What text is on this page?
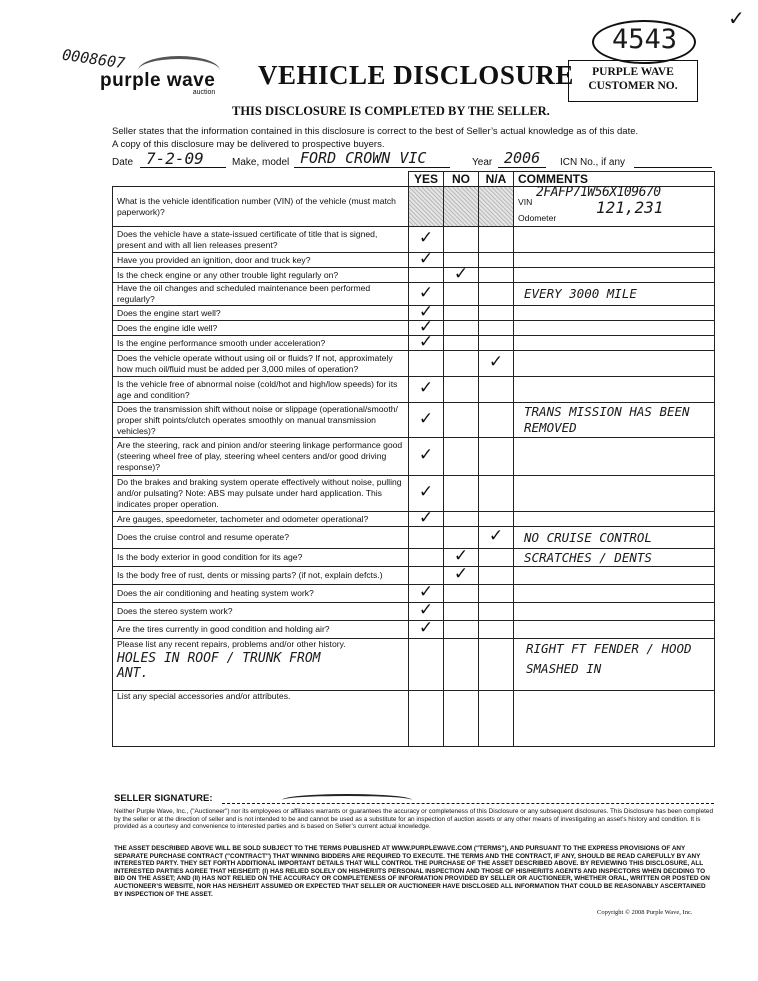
0008607
4543
✓
purple wave
auction
VEHICLE DISCLOSURE	PURPLE WAVE CUSTOMER NO.
THIS DISCLOSURE IS COMPLETED BY THE SELLER.
Seller states that the information contained in this disclosure is correct to the best of Seller’s actual knowledge as of this date.
A copy of this disclosure may be delivered to prospective buyers.
Date 7-2-09	Make, model FORD CROWN VIC	Year 2006 ICN No., if any
	YES	NO	N/A	COMMENTS
What is the vehicle identification number (VIN) of the vehicle (must match paperwork)?				VIN
2FAFP71W56X109670
Odometer
121,231

Does the vehicle have a state-issued certificate of title that is signed, present and with all lien releases present?	✓			
Have you provided an ignition, door and truck key?	✓			
Is the check engine or any other trouble light regularly on?		✓		
Have the oil changes and scheduled maintenance been performed regularly?	✓			EVERY 3000 MILE
Does the engine start well?	✓			
Does the engine idle well?	✓			
Is the engine performance smooth under acceleration?	✓			
Does the vehicle operate without using oil or fluids? If not, approximately how much oil/fluid must be added per 3,000 miles of operation?			✓	
Is the vehicle free of abnormal noise (cold/hot and high/low speeds) for its age and condition?	✓			
Does the transmission shift without noise or slippage (operational/smooth/ proper shift points/clutch operates smoothly on manual transmission vehicles)?	✓			TRANS MISSION HAS BEEN REMOVED
Are the steering, rack and pinion and/or steering linkage performance good (steering wheel free of play, steering wheel centers and/or good driving response)?	✓			
Do the brakes and braking system operate effectively without noise, pulling and/or pulsating? Note: ABS may pulsate under hard application. This indicates proper operation.	✓			
Are gauges, speedometer, tachometer and odometer operational?	✓			
Does the cruise control and resume operate?			✓	NO CRUISE CONTROL
Is the body exterior in good condition for its age?		✓		SCRATCHES / DENTS
Is the body free of rust, dents or missing parts? (if not, explain defcts.)		✓		
Does the air conditioning and heating system work?	✓			
Does the stereo system work?	✓			
Are the tires currently in good condition and holding air?	✓			

Please list any recent repairs, problems and/or other history.
HOLES IN ROOF / TRUNK FROM ANT.				RIGHT FT FENDER / HOOD SMASHED IN
List any special accessories and/or attributes.				
SELLER SIGNATURE:
Neither Purple Wave, Inc., ("Auctioneer") nor its employees or affiliates warrants or guarantees the accuracy or completeness of this Disclosure or any subsequent disclosures. This Disclosure has been completed by the seller or at the direction of seller and is not intended to be and cannot be used as a substitute for an inspection of auction assets or any other means of investigating an asset’s history and condition. It is provided as a courtesy and convenience to interested parties and is based on Seller’s current actual knowledge.
THE ASSET DESCRIBED ABOVE WILL BE SOLD SUBJECT TO THE TERMS PUBLISHED AT WWW.PURPLEWAVE.COM ("TERMS"), AND PURSUANT TO THE EXPRESS PROVISIONS OF ANY SEPARATE PURCHASE CONTRACT ("CONTRACT") THAT WINNING BIDDERS ARE REQUIRED TO EXECUTE. THE TERMS AND THE CONTRACT, IF ANY, SHOULD BE READ CAREFULLY BY ANY INTERESTED PARTY. THEY SET FORTH ADDITIONAL IMPORTANT DETAILS THAT WILL CONTROL THE PURCHASE OF THE ASSET DESCRIBED ABOVE. BY REVIEWING THIS DISCLOSURE, ALL INTERESTED PARTIES AGREE THAT HE/SHE/IT: (I) HAS RELIED SOLELY ON HIS/HER/ITS PERSONAL INSPECTION AND THOSE OF HIS/HER/ITS AGENTS AND INSPECTORS WHEN DECIDING TO BID ON THE ASSET; AND (II) HAS NOT RELIED ON THE ACCURACY OR COMPLETENESS OF INFORMATION PROVIDED BY SELLER OR AUCTIONEER, WHETHER ORAL, WRITTEN OR POSTED ON AUCTIONEER’S WEBSITE, NOR HAS HE/SHE/IT ASSUMED OR EXPECTED THAT SELLER OR AUCTIONEER HAVE DISCLOSED ALL INFORMATION THAT COULD BE REASONABLY ASCERTAINED BY INSPECTION OF THE ASSET.
Copyright © 2008 Purple Wave, Inc.
